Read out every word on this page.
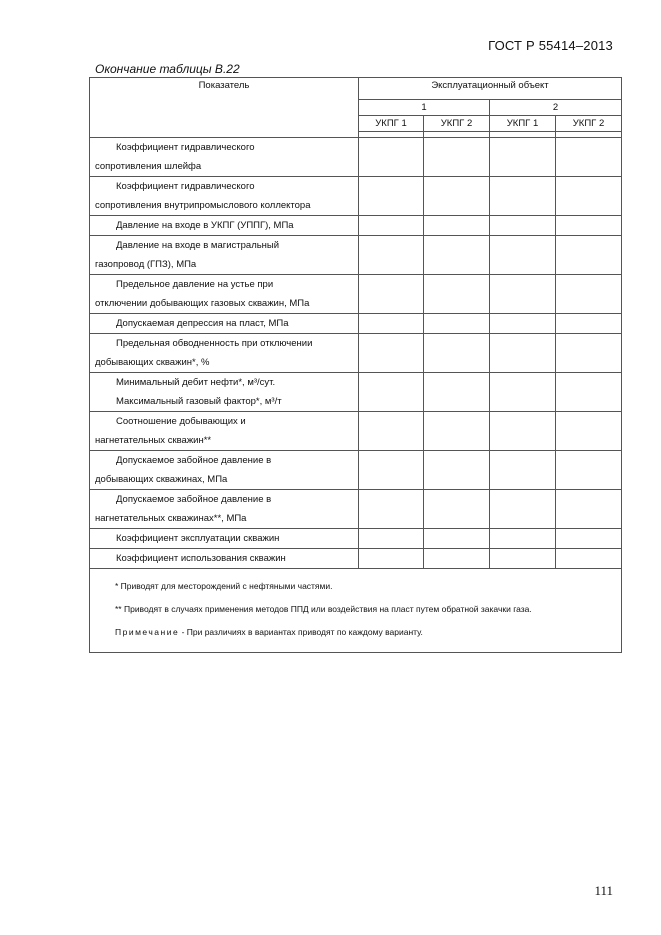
ГОСТ Р 55414–2013
Окончание таблицы В.22
Показатель	Эксплуатационный объект			
	1		2	
	УКПГ 1	УКПГ 2	УКПГ 1	УКПГ 2

Коэффициент гидравлического
сопротивления шлейфа				

Коэффициент гидравлического
сопротивления внутрипромыслового коллектора				

Давление на входе в УКПГ (УППГ), МПа				

Давление на входе в магистральный
газопровод (ГПЗ), МПа				

Предельное давление на устье при
отключении добывающих газовых скважин, МПа				

Допускаемая депрессия на пласт, МПа				

Предельная обводненность при отключении
добывающих скважин*, %				

Минимальный дебит нефти*, м³/сут.
Максимальный газовый фактор*, м³/т				

Соотношение добывающих и
нагнетательных скважин**				

Допускаемое забойное давление в
добывающих скважинах, МПа				

Допускаемое забойное давление в
нагнетательных скважинах**, МПа				

Коэффициент эксплуатации скважин				

Коэффициент использования скважин				

* Приводят для месторождений с нефтяными частями.
** Приводят в случаях применения методов ППД или воздействия на пласт путем обратной закачки газа.
Примечание - При различиях в вариантах приводят по каждому варианту.				
111
